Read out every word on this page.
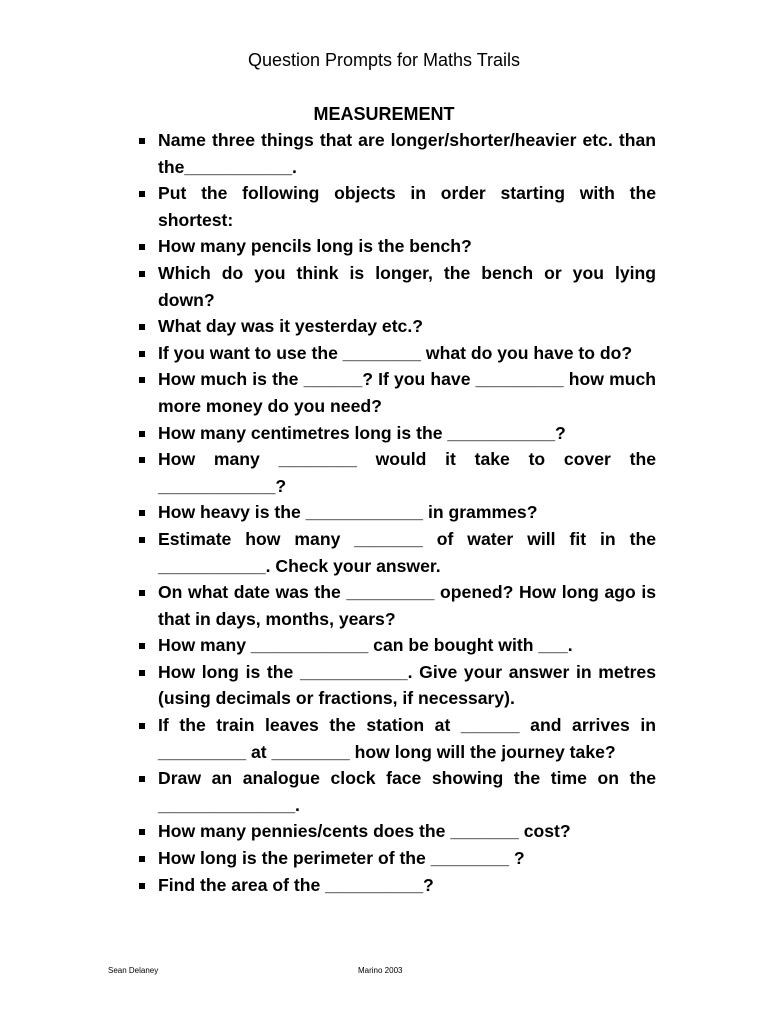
Question Prompts for Maths Trails
MEASUREMENT
Name three things that are longer/shorter/heavier etc. than the___________.
Put the following objects in order starting with the shortest:
How many pencils long is the bench?
Which do you think is longer, the bench or you lying down?
What day was it yesterday etc.?
If you want to use the ________ what do you have to do?
How much is the ______? If you have _________ how much more money do you need?
How many centimetres long is the ___________?
How many ________ would it take to cover the ____________?
How heavy is the ____________ in grammes?
Estimate how many _______ of water will fit in the ___________. Check your answer.
On what date was the _________ opened? How long ago is that in days, months, years?
How many ____________ can be bought with ___.
How long is the ___________. Give your answer in metres (using decimals or fractions, if necessary).
If the train leaves the station at ______ and arrives in _________ at ________ how long will the journey take?
Draw an analogue clock face showing the time on the ______________.
How many pennies/cents does the _______ cost?
How long is the perimeter of the ________ ?
Find the area of the __________?
Sean Delaney	Marino 2003
